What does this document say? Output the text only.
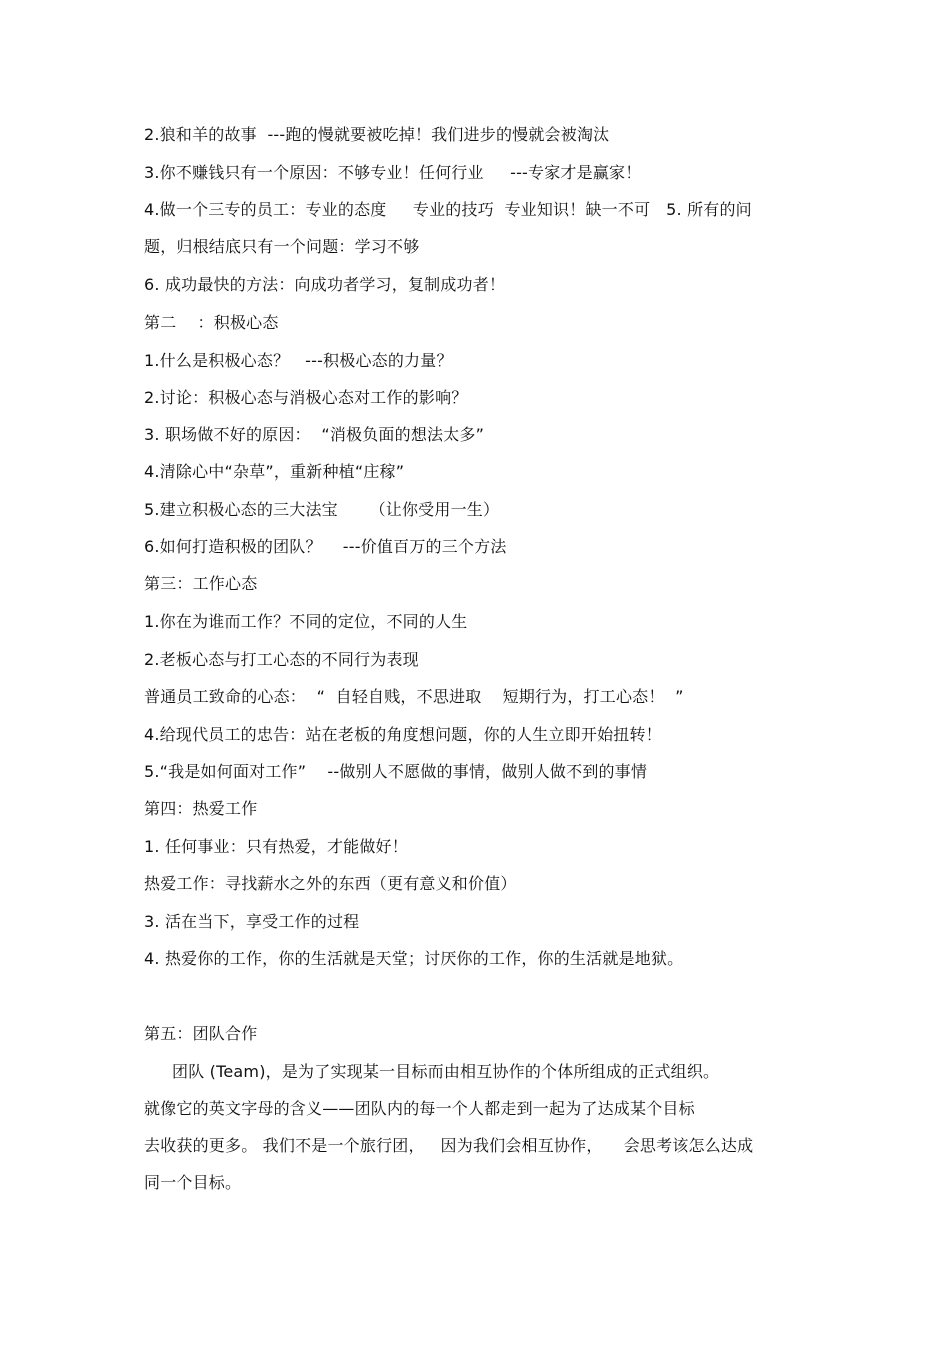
2.狼和羊的故事  ---跑的慢就要被吃掉！我们进步的慢就会被淘汰
3.你不赚钱只有一个原因：不够专业！任何行业     ---专家才是赢家！
4.做一个三专的员工：专业的态度     专业的技巧  专业知识！缺一不可   5. 所有的问
题，归根结底只有一个问题：学习不够
6. 成功最快的方法：向成功者学习，复制成功者！
第二    ：积极心态
1.什么是积极心态？   ---积极心态的力量？
2.讨论：积极心态与消极心态对工作的影响？
3. 职场做不好的原因：  “消极负面的想法太多”
4.清除心中“杂草”，重新种植“庄稼”
5.建立积极心态的三大法宝      （让你受用一生）
6.如何打造积极的团队？    ---价值百万的三个方法
第三：工作心态
1.你在为谁而工作？不同的定位，不同的人生
2.老板心态与打工心态的不同行为表现
普通员工致命的心态：  “  自轻自贱，不思进取    短期行为，打工心态！  ”
4.给现代员工的忠告：站在老板的角度想问题，你的人生立即开始扭转！
5.“我是如何面对工作”    --做别人不愿做的事情，做别人做不到的事情
第四：热爱工作
1. 任何事业：只有热爱，才能做好！
热爱工作：寻找薪水之外的东西（更有意义和价值）
3. 活在当下，享受工作的过程
4. 热爱你的工作，你的生活就是天堂；讨厌你的工作，你的生活就是地狱。
第五：团队合作
团队 (Team)，是为了实现某一目标而由相互协作的个体所组成的正式组织。
就像它的英文字母的含义——团队内的每一个人都走到一起为了达成某个目标
去收获的更多。 我们不是一个旅行团，   因为我们会相互协作，    会思考该怎么达成
同一个目标。
